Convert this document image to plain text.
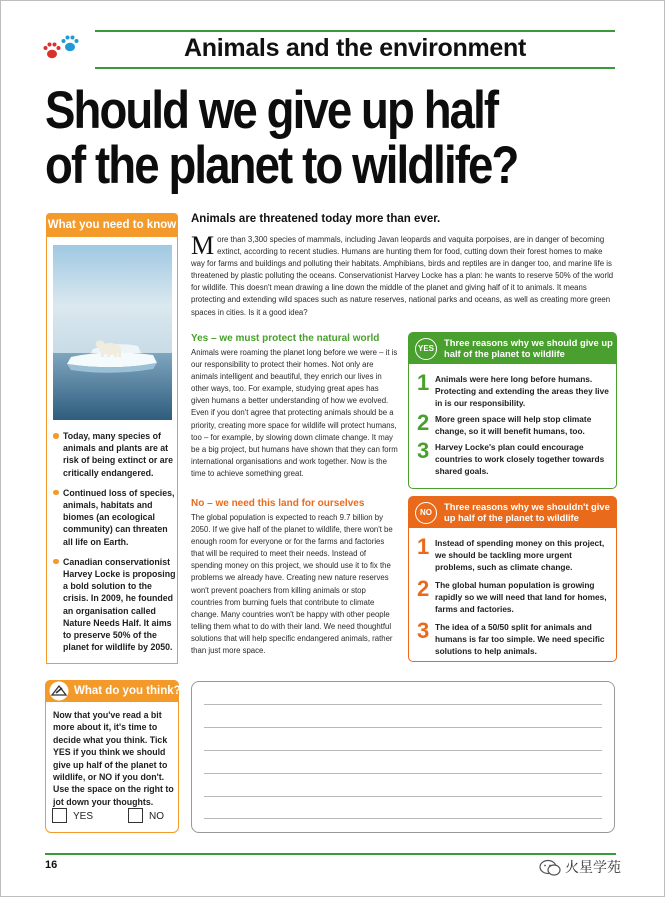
Animals and the environment
Should we give up half
of the planet to wildlife?
What you need to know
Today, many species of animals and plants are at risk of being extinct or are critically endangered.
Continued loss of species, animals, habitats and biomes (an ecological community) can threaten all life on Earth.
Canadian conservationist Harvey Locke is proposing a bold solution to the crisis. In 2009, he founded an organisation called Nature Needs Half. It aims to preserve 50% of the planet for wildlife by 2050.
Animals are threatened today more than ever.
More than 3,300 species of mammals, including Javan leopards and vaquita porpoises, are in danger of becoming extinct, according to recent studies. Humans are hunting them for food, cutting down their forest homes to make way for farms and buildings and polluting their habitats. Amphibians, birds and reptiles are in danger too, and marine life is threatened by plastic polluting the oceans. Conservationist Harvey Locke has a plan: he wants to reserve 50% of the world for wildlife. This doesn't mean drawing a line down the middle of the planet and giving half of it to animals. It means protecting and extending wild spaces such as nature reserves, national parks and oceans, as well as creating more green spaces in cities. Is it a good idea?
Yes – we must protect the natural world
Animals were roaming the planet long before we were – it is our responsibility to protect their homes. Not only are animals intelligent and beautiful, they enrich our lives in other ways, too. For example, studying great apes has given humans a better understanding of how we evolved. Even if you don't agree that protecting animals should be a priority, creating more space for wildlife will protect humans, too – for example, by slowing down climate change. It may be a big project, but humans have shown that they can form international organisations and work together. Now is the time to achieve something great.
No – we need this land for ourselves
The global population is expected to reach 9.7 billion by 2050. If we give half of the planet to wildlife, there won't be enough room for everyone or for the farms and factories that will be required to meet their needs. Instead of spending money on this project, we should use it to fix the problems we already have. Creating new nature reserves won't prevent poachers from killing animals or stop countries from burning fuels that contribute to climate change. Many countries won't be happy with other people telling them what to do with their land. We need thoughtful solutions that will help specific endangered animals, rather than just more space.
YES
Three reasons why we should give up half of the planet to wildlife
1 Animals were here long before humans. Protecting and extending the areas they live in is our responsibility.
2 More green space will help stop climate change, so it will benefit humans, too.
3 Harvey Locke's plan could encourage countries to work closely together towards shared goals.
NO
Three reasons why we shouldn't give up half of the planet to wildlife
1 Instead of spending money on this project, we should be tackling more urgent problems, such as climate change.
2 The global human population is growing rapidly so we will need that land for homes, farms and factories.
3 The idea of a 50/50 split for animals and humans is far too simple. We need specific solutions to help animals.
What do you think?
Now that you've read a bit more about it, it's time to decide what you think. Tick YES if you think we should give up half of the planet to wildlife, or NO if you don't. Use the space on the right to jot down your thoughts.
YES	NO
16	火星学苑
